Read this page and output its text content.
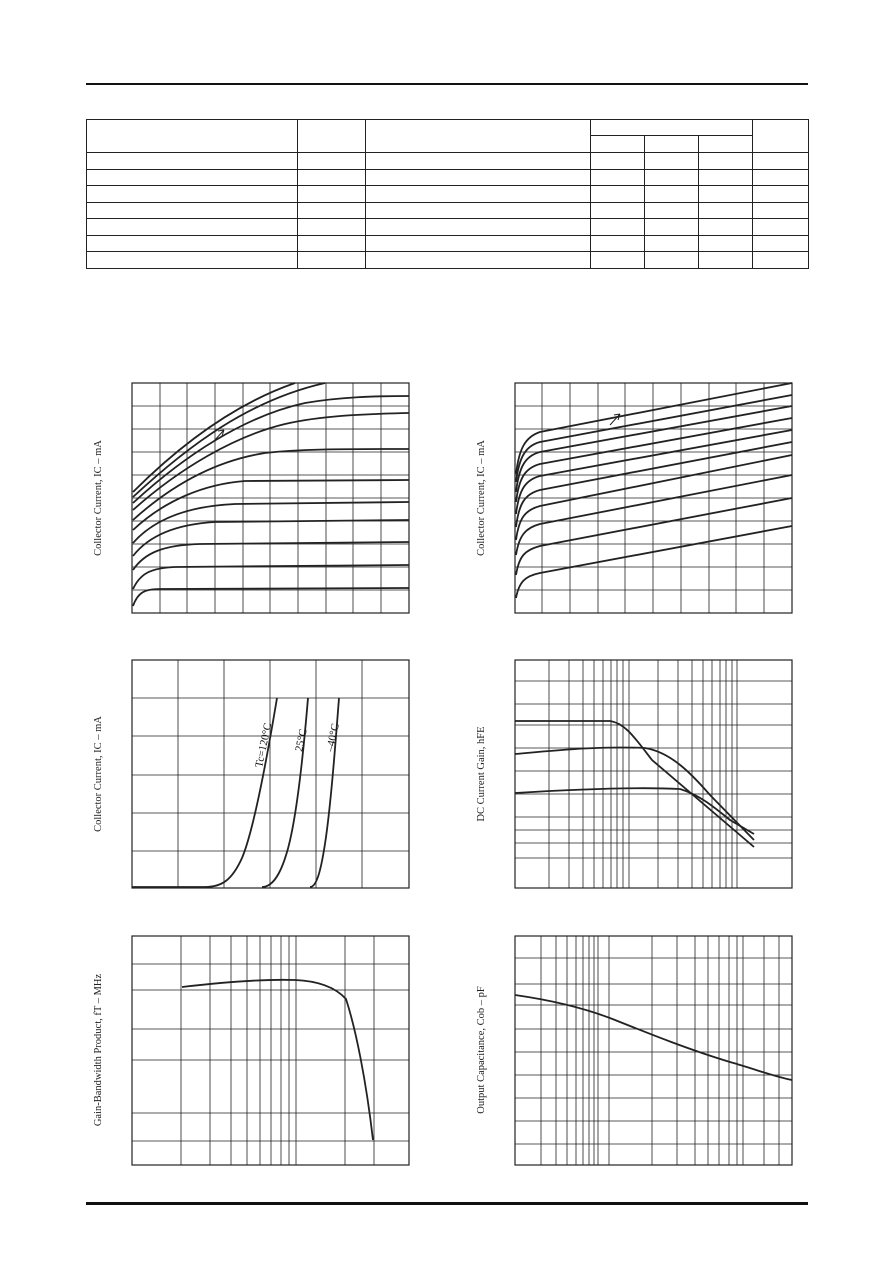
Collector Current, IC – mA	Collector Current, IC – mA
Collector Current, IC – mA	DC Current Gain, hFE
Gain-Bandwidth Product, fT – MHz	Output Capacitance, Cob – pF
Tc=120°C 25°C –40°C
